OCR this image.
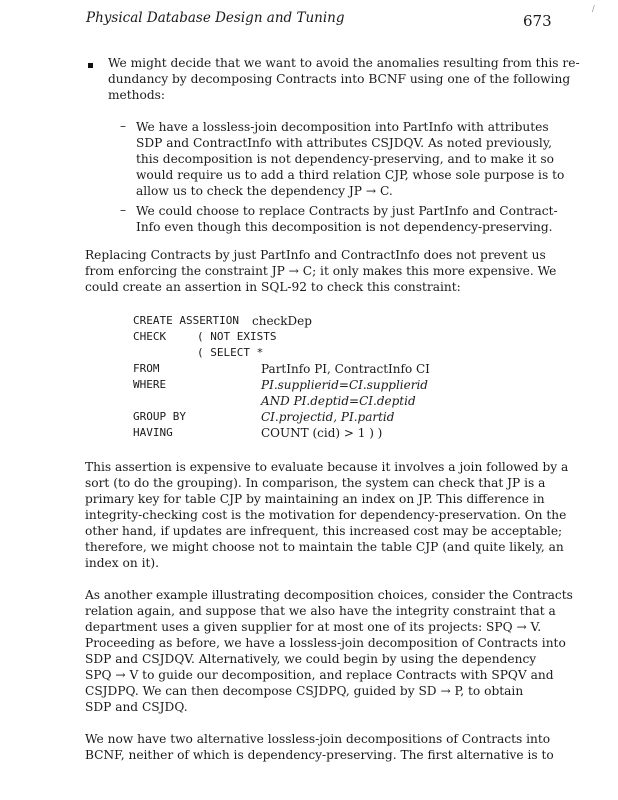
Physical Database Design and Tuning	673
/
We might decide that we want to avoid the anomalies resulting from this re-
dundancy by decomposing Contracts into BCNF using one of the following
methods:
– We have a lossless-join decomposition into PartInfo with attributes
SDP and ContractInfo with attributes CSJDQV. As noted previously,
this decomposition is not dependency-preserving, and to make it so
would require us to add a third relation CJP, whose sole purpose is to
allow us to check the dependency JP → C.
– We could choose to replace Contracts by just PartInfo and Contract-
Info even though this decomposition is not dependency-preserving.
Replacing Contracts by just PartInfo and ContractInfo does not prevent us
from enforcing the constraint JP → C; it only makes this more expensive. We
could create an assertion in SQL-92 to check this constraint:
CREATE ASSERTION checkDep
CHECK	( NOT EXISTS
( SELECT *
FROM	PartInfo PI, ContractInfo CI
WHERE	PI.supplierid=CI.supplierid
AND PI.deptid=CI.deptid
GROUP BY	CI.projectid, PI.partid
HAVING	COUNT (cid) > 1 ) )
This assertion is expensive to evaluate because it involves a join followed by a
sort (to do the grouping). In comparison, the system can check that JP is a
primary key for table CJP by maintaining an index on JP. This difference in
integrity-checking cost is the motivation for dependency-preservation. On the
other hand, if updates are infrequent, this increased cost may be acceptable;
therefore, we might choose not to maintain the table CJP (and quite likely, an
index on it).
As another example illustrating decomposition choices, consider the Contracts
relation again, and suppose that we also have the integrity constraint that a
department uses a given supplier for at most one of its projects: SPQ → V.
Proceeding as before, we have a lossless-join decomposition of Contracts into
SDP and CSJDQV. Alternatively, we could begin by using the dependency
SPQ → V to guide our decomposition, and replace Contracts with SPQV and
CSJDPQ. We can then decompose CSJDPQ, guided by SD → P, to obtain
SDP and CSJDQ.
We now have two alternative lossless-join decompositions of Contracts into
BCNF, neither of which is dependency-preserving. The first alternative is to
